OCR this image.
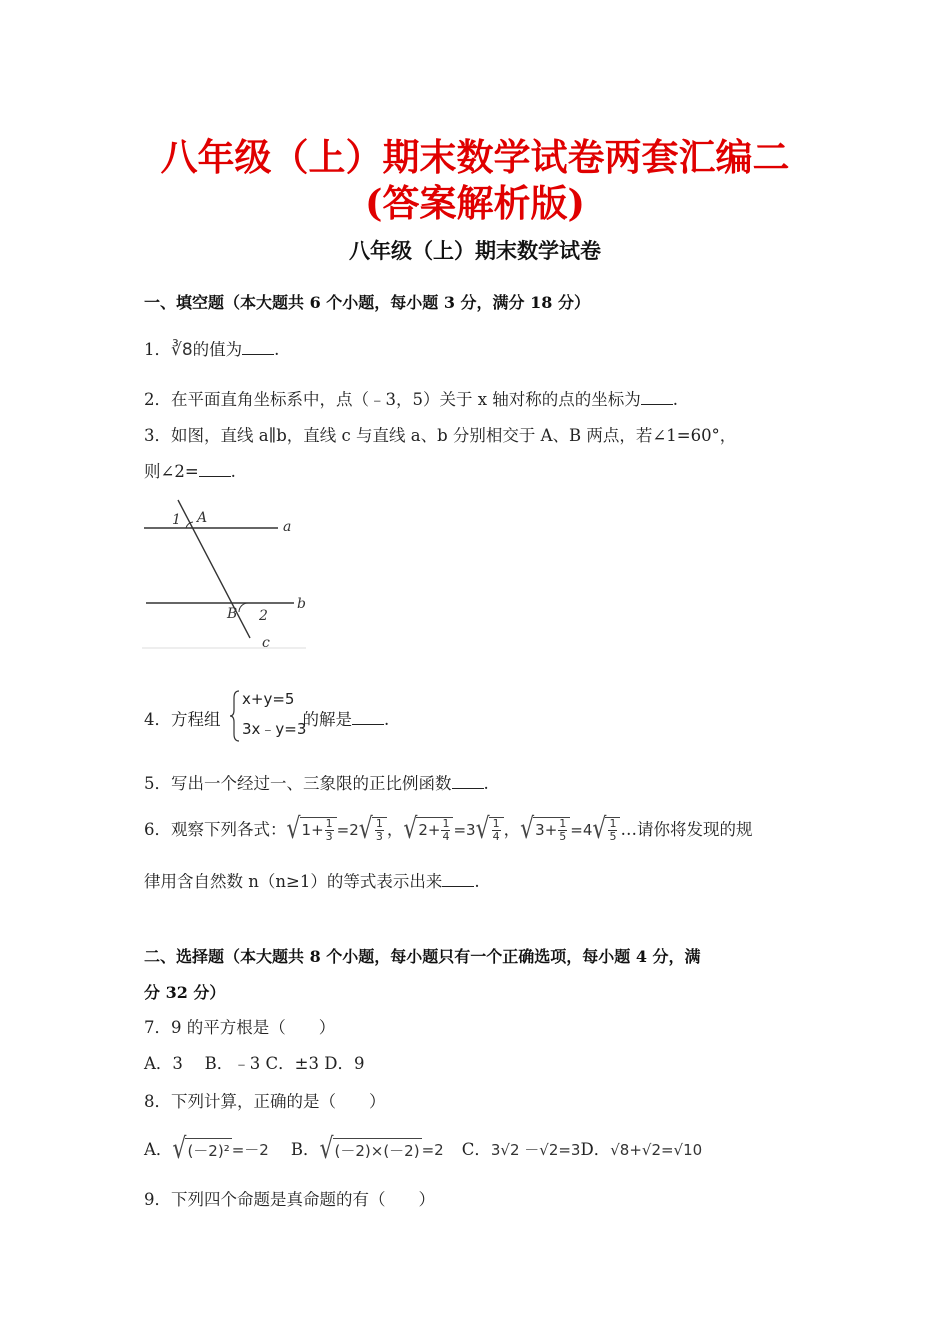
八年级（上）期末数学试卷两套汇编二
(答案解析版)
八年级（上）期末数学试卷
一、填空题（本大题共 6 个小题，每小题 3 分，满分 18 分）
1．∛8的值为 .
2．在平面直角坐标系中，点（﹣3，5）关于 x 轴对称的点的坐标为 .
3．如图，直线 a∥b，直线 c 与直线 a、b 分别相交于 A、B 两点，若∠1=60°，
则∠2= .
1 A
a
B 2
b
c
4．方程组	的解是 .
x+y=5
3x﹣y=3
5．写出一个经过一、三象限的正比例函数 .
6． 观察下列各式： √ $1+ \frac{1}{3} =2$ √ $\frac{1}{3}$ ， √ $2+ \frac{1}{4} =3$ √ $\frac{1}{4}$ ， √ $3+ \frac{1}{5} =4$ √ $\frac{1}{5}$ …请你将发现的规
律用含自然数 n（n≥1）的等式表示出来 .
二、选择题（本大题共 8 个小题，每小题只有一个正确选项，每小题 4 分，满
分 32 分）
7．9 的平方根是（　　）
A．3　 B．﹣3 C．±3 D．9
8．下列计算，正确的是（　　）
A． √ (－2)² =－2 B． √ (－2)×(－2) =2 C． 3√2 －√2=3 D． √8+√2=√10
9．下列四个命题是真命题的有（　　）
